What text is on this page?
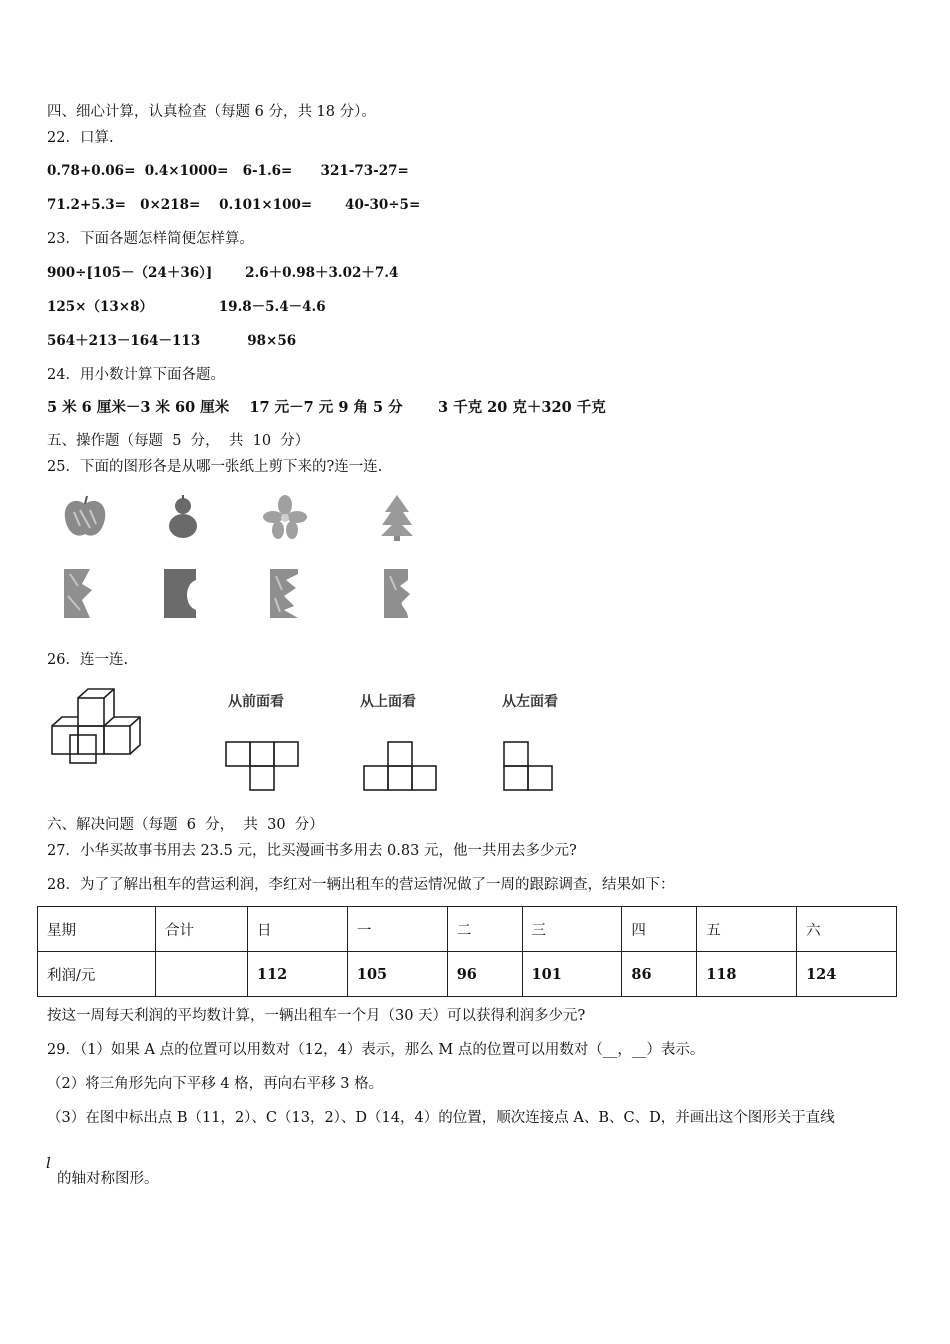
四、细心计算，认真检查（每题 6 分，共 18 分）。
22．口算.
0.78+0.06=  0.4×1000=   6-1.6=      321-73-27=
71.2+5.3=   0×218=    0.101×100=       40-30÷5=
23．下面各题怎样简便怎样算。
900÷[105－（24＋36）]       2.6＋0.98＋3.02＋7.4
125×（13×8）              19.8－5.4－4.6
564＋213－164－113          98×56
24．用小数计算下面各题。
5 米 6 厘米－3 米 60 厘米    17 元－7 元 9 角 5 分       3 千克 20 克＋320 千克
五、操作题（每题  5  分，  共  10  分）
25．下面的图形各是从哪一张纸上剪下来的?连一连.
26．连一连.
从前面看	从上面看	从左面看
六、解决问题（每题  6  分，  共  30  分）
27．小华买故事书用去 23.5 元，比买漫画书多用去 0.83 元，他一共用去多少元?
28．为了了解出租车的营运利润，李红对一辆出租车的营运情况做了一周的跟踪调查，结果如下：
星期	合计	日	一	二	三	四	五	六
利润/元		112	105	96	101	86	118	124
按这一周每天利润的平均数计算，一辆出租车一个月（30 天）可以获得利润多少元?
29．（1）如果 A 点的位置可以用数对（12，4）表示，那么 M 点的位置可以用数对（__，__）表示。
（2）将三角形先向下平移 4 格，再向右平移 3 格。
（3）在图中标出点 B（11，2）、C（13，2）、D（14，4）的位置，顺次连接点 A、B、C、D，并画出这个图形关于直线
l
的轴对称图形。
